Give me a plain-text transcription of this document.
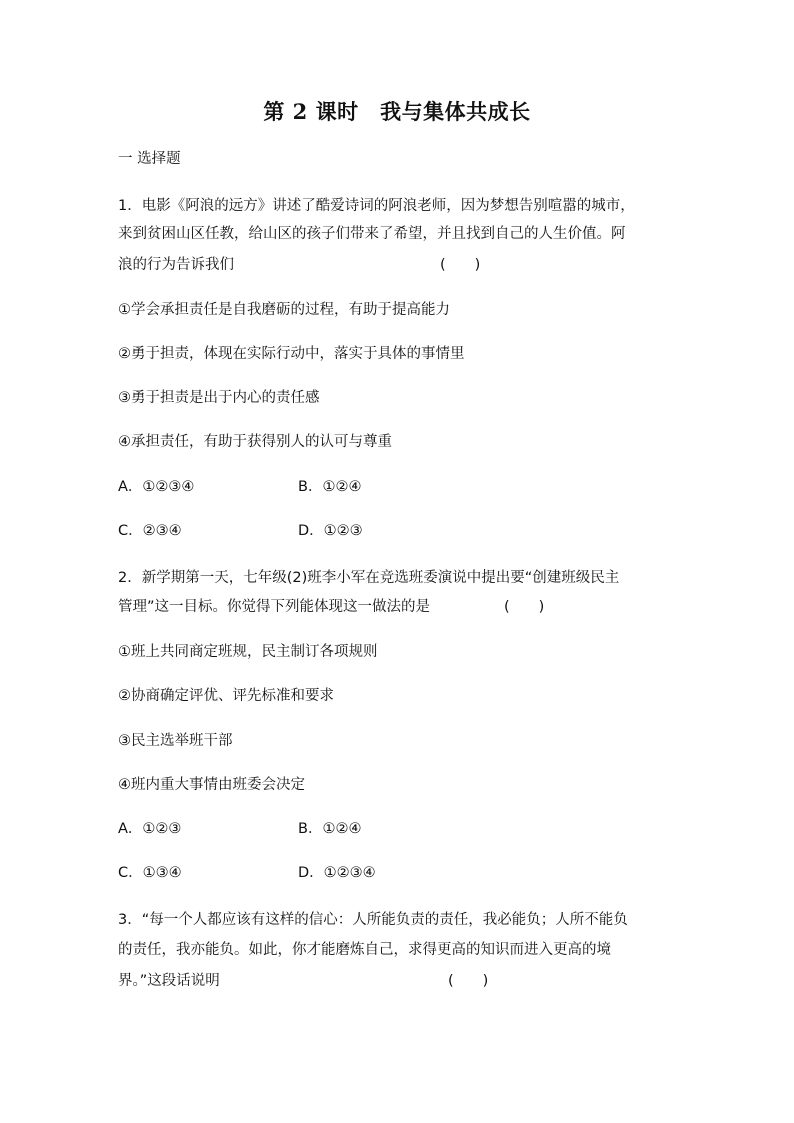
第 2 课时　我与集体共成长
一 选择题
1．电影《阿浪的远方》讲述了酷爱诗词的阿浪老师，因为梦想告别喧嚣的城市，
来到贫困山区任教，给山区的孩子们带来了希望，并且找到自己的人生价值。阿
浪的行为告诉我们	(　　)
①学会承担责任是自我磨砺的过程，有助于提高能力
②勇于担责，体现在实际行动中，落实于具体的事情里
③勇于担责是出于内心的责任感
④承担责任，有助于获得别人的认可与尊重
A．①②③④	B．①②④
C．②③④	D．①②③
2．新学期第一天，七年级(2)班李小军在竞选班委演说中提出要“创建班级民主
管理”这一目标。你觉得下列能体现这一做法的是	(　　)
①班上共同商定班规，民主制订各项规则
②协商确定评优、评先标准和要求
③民主选举班干部
④班内重大事情由班委会决定
A．①②③	B．①②④
C．①③④	D．①②③④
3．“每一个人都应该有这样的信心：人所能负责的责任，我必能负；人所不能负
的责任，我亦能负。如此，你才能磨炼自己，求得更高的知识而进入更高的境
界。”这段话说明	(　　)
